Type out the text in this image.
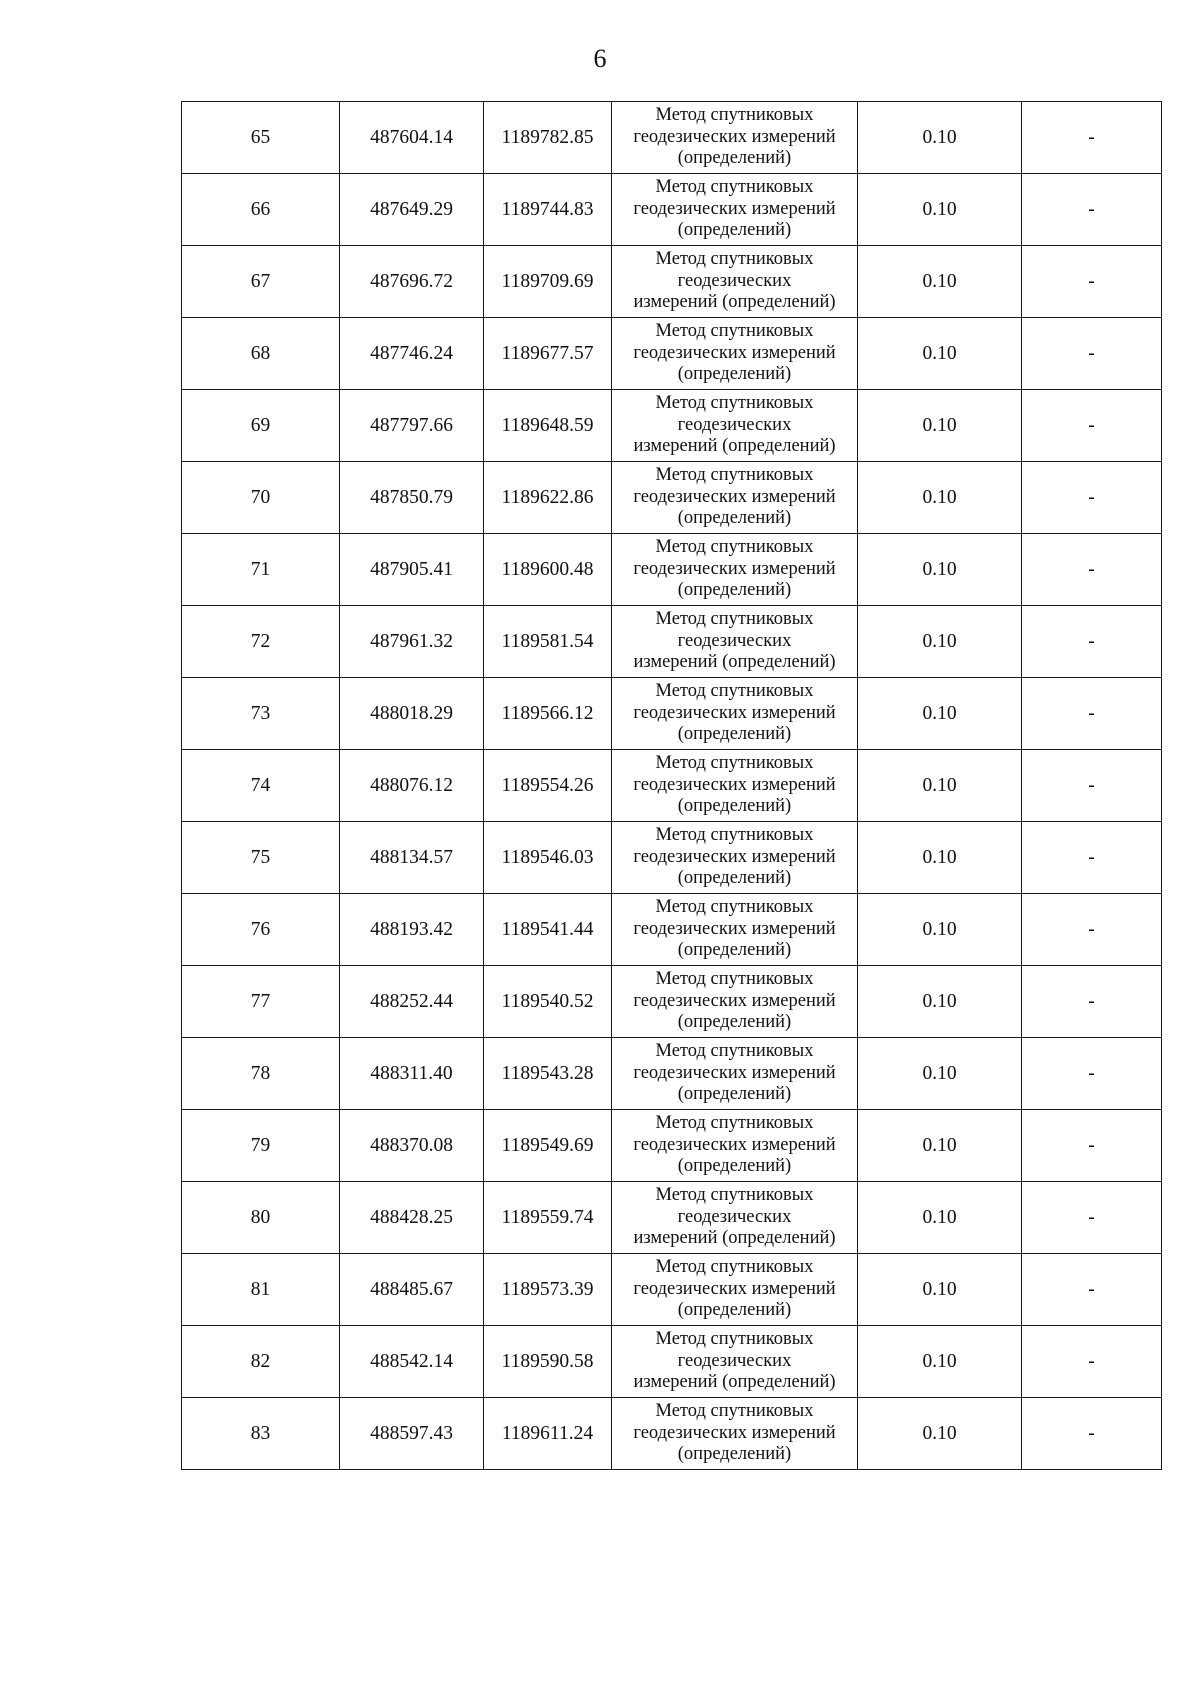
6
65	487604.14	1189782.85	Метод спутниковых
геодезических измерений
(определений)	0.10	-
66	487649.29	1189744.83	Метод спутниковых
геодезических измерений
(определений)	0.10	-
67	487696.72	1189709.69	Метод спутниковых
геодезических
измерений (определений)	0.10	-
68	487746.24	1189677.57	Метод спутниковых
геодезических измерений
(определений)	0.10	-
69	487797.66	1189648.59	Метод спутниковых
геодезических
измерений (определений)	0.10	-
70	487850.79	1189622.86	Метод спутниковых
геодезических измерений
(определений)	0.10	-
71	487905.41	1189600.48	Метод спутниковых
геодезических измерений
(определений)	0.10	-
72	487961.32	1189581.54	Метод спутниковых
геодезических
измерений (определений)	0.10	-
73	488018.29	1189566.12	Метод спутниковых
геодезических измерений
(определений)	0.10	-
74	488076.12	1189554.26	Метод спутниковых
геодезических измерений
(определений)	0.10	-
75	488134.57	1189546.03	Метод спутниковых
геодезических измерений
(определений)	0.10	-
76	488193.42	1189541.44	Метод спутниковых
геодезических измерений
(определений)	0.10	-
77	488252.44	1189540.52	Метод спутниковых
геодезических измерений
(определений)	0.10	-
78	488311.40	1189543.28	Метод спутниковых
геодезических измерений
(определений)	0.10	-
79	488370.08	1189549.69	Метод спутниковых
геодезических измерений
(определений)	0.10	-
80	488428.25	1189559.74	Метод спутниковых
геодезических
измерений (определений)	0.10	-
81	488485.67	1189573.39	Метод спутниковых
геодезических измерений
(определений)	0.10	-
82	488542.14	1189590.58	Метод спутниковых
геодезических
измерений (определений)	0.10	-
83	488597.43	1189611.24	Метод спутниковых
геодезических измерений
(определений)	0.10	-
